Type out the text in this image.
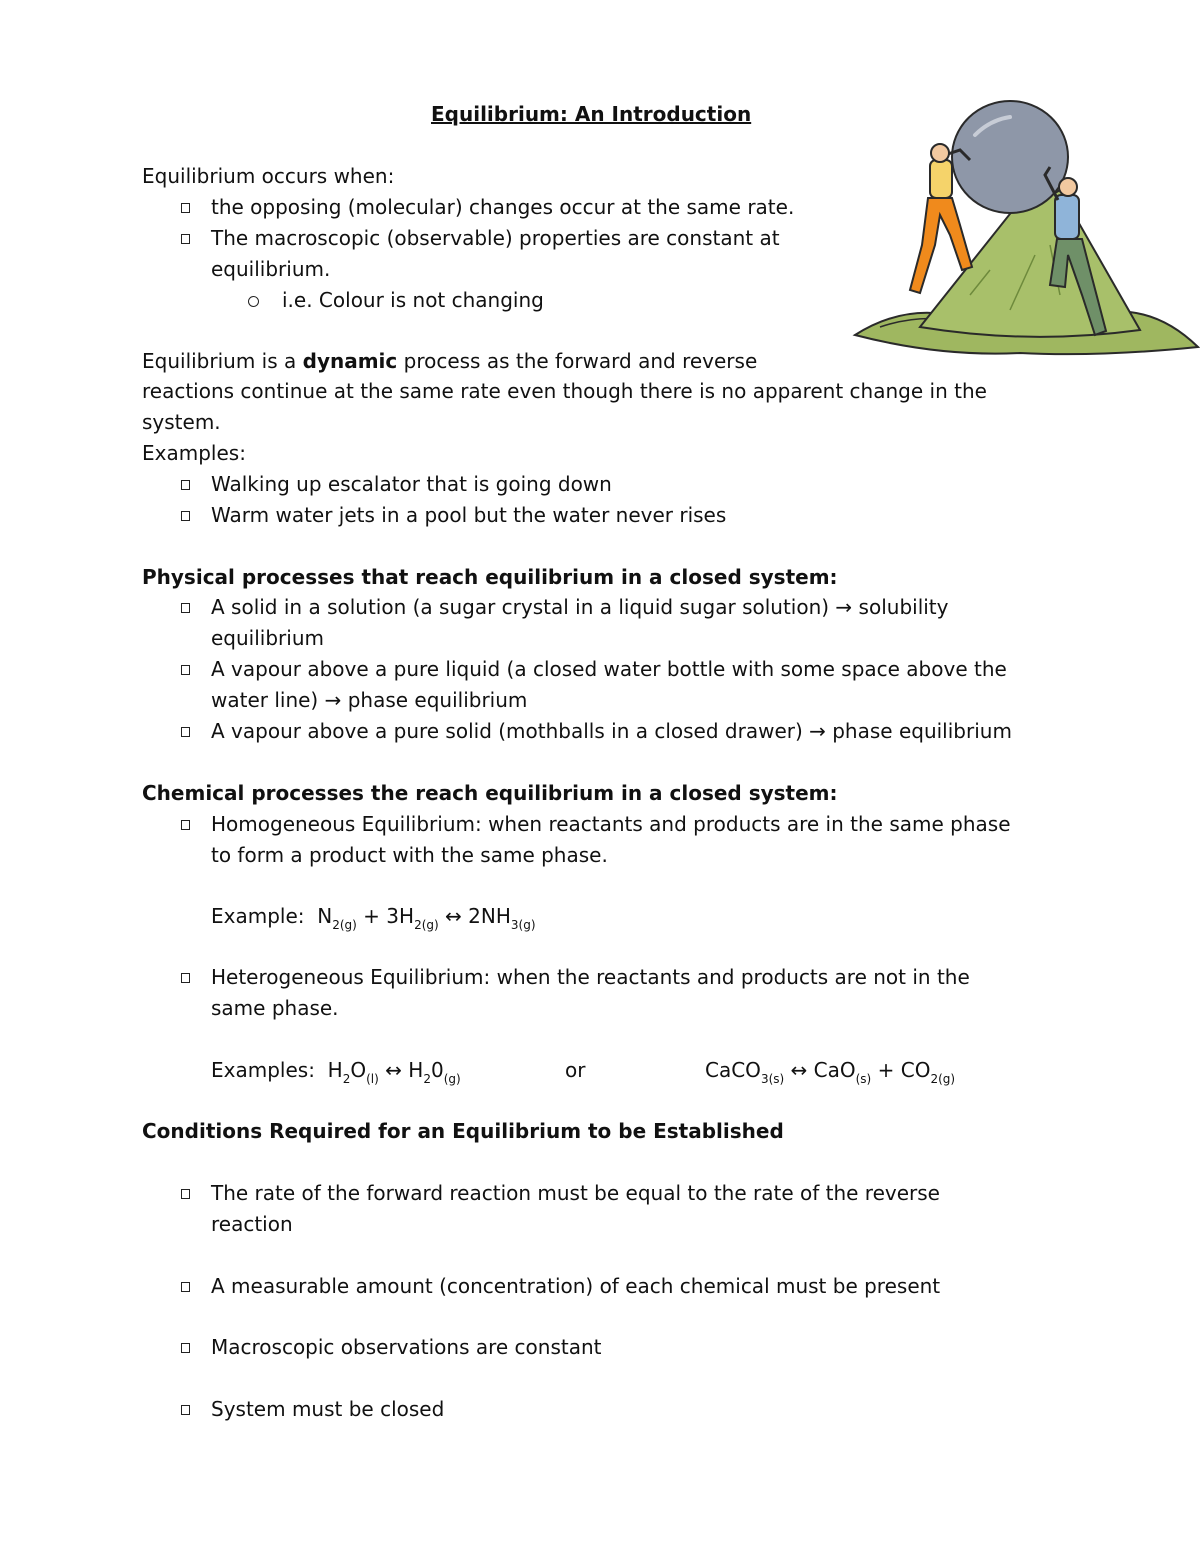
Equilibrium: An Introduction
Equilibrium occurs when:
the opposing (molecular) changes occur at the same rate.
The macroscopic (observable) properties are constant at
equilibrium.
i.e. Colour is not changing
Equilibrium is a dynamic process as the forward and reverse
reactions continue at the same rate even though there is no apparent change in the
system.
Examples:
Walking up escalator that is going down
Warm water jets in a pool but the water never rises
Physical processes that reach equilibrium in a closed system:
A solid in a solution (a sugar crystal in a liquid sugar solution) → solubility
equilibrium
A vapour above a pure liquid (a closed water bottle with some space above the
water line) → phase equilibrium
A vapour above a pure solid (mothballs in a closed drawer) → phase equilibrium
Chemical processes the reach equilibrium in a closed system:
Homogeneous Equilibrium: when reactants and products are in the same phase
to form a product with the same phase.
Example:  $N_{2(g)} + 3H_{2(g)}$ ↔ $2NH_{3(g)}$
Heterogeneous Equilibrium: when the reactants and products are not in the
same phase.
Examples:  $H_2O_{(l)}$ ↔ $H_20_{(g)}$	or	CaCO$_{3(s)}$ ↔ $CaO_{(s)} + CO_{2(g)}$
Conditions Required for an Equilibrium to be Established
The rate of the forward reaction must be equal to the rate of the reverse
reaction
A measurable amount (concentration) of each chemical must be present
Macroscopic observations are constant
System must be closed
